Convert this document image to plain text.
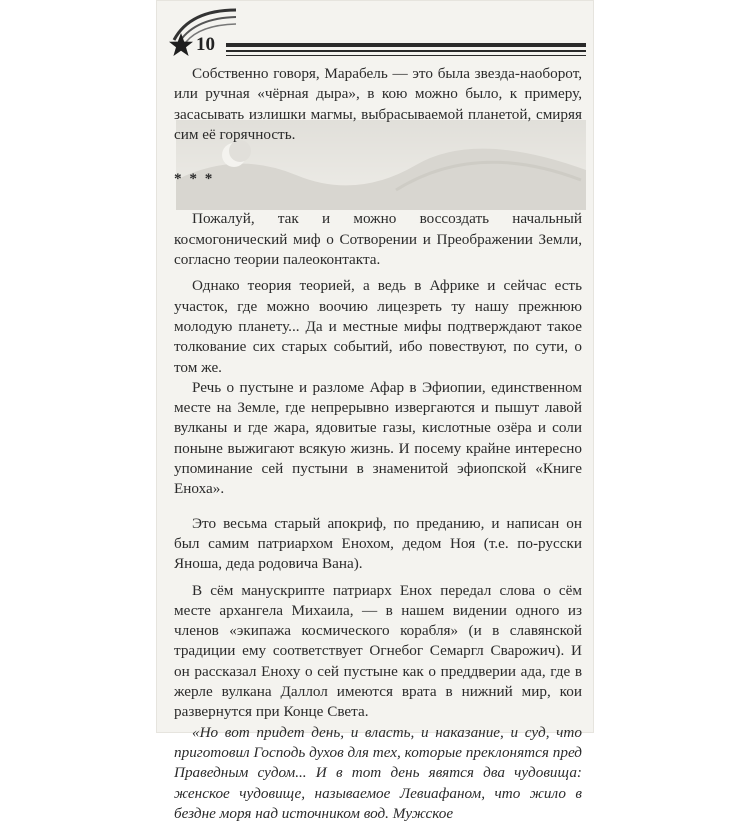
10

Собственно говоря, Марабель — это была звезда-наоборот, или ручная «чёрная дыра», в кою можно было, к примеру, засасывать излишки магмы, выбрасываемой планетой, смиряя сим её горячность.

* * *

Пожалуй, так и можно воссоздать начальный космогонический миф о Сотворении и Преображении Земли, согласно теории палеоконтакта.

Однако теория теорией, а ведь в Африке и сейчас есть участок, где можно воочию лицезреть ту нашу прежнюю молодую планету... Да и местные мифы подтверждают такое толкование сих старых событий, ибо повествуют, по сути, о том же.

Речь о пустыне и разломе Афар в Эфиопии, единственном месте на Земле, где непрерывно извергаются и пышут лавой вулканы и где жара, ядовитые газы, кислотные озёра и соли поныне выжигают всякую жизнь. И посему крайне интересно упоминание сей пустыни в знаменитой эфиопской «Книге Еноха».

Это весьма старый апокриф, по преданию, и написан он был самим патриархом Енохом, дедом Ноя (т.е. по-русски Яноша, деда родовича Вана).

В сём манускрипте патриарх Енох передал слова о сём месте архангела Михаила, — в нашем видении одного из членов «экипажа космического корабля» (и в славянской традиции ему соответствует Огнебог Семаргл Сварожич). И он рассказал Еноху о сей пустыне как о преддверии ада, где в жерле вулкана Даллол имеются врата в нижний мир, кои развернутся при Конце Света.

«Но вот придет день, и власть, и наказание, и суд, что приготовил Господь духов для тех, которые преклонятся пред Праведным судом... И в тот день явятся два чудовища: женское чудовище, называемое Левиафаном, что жило в бездне моря над источником вод. Мужское
